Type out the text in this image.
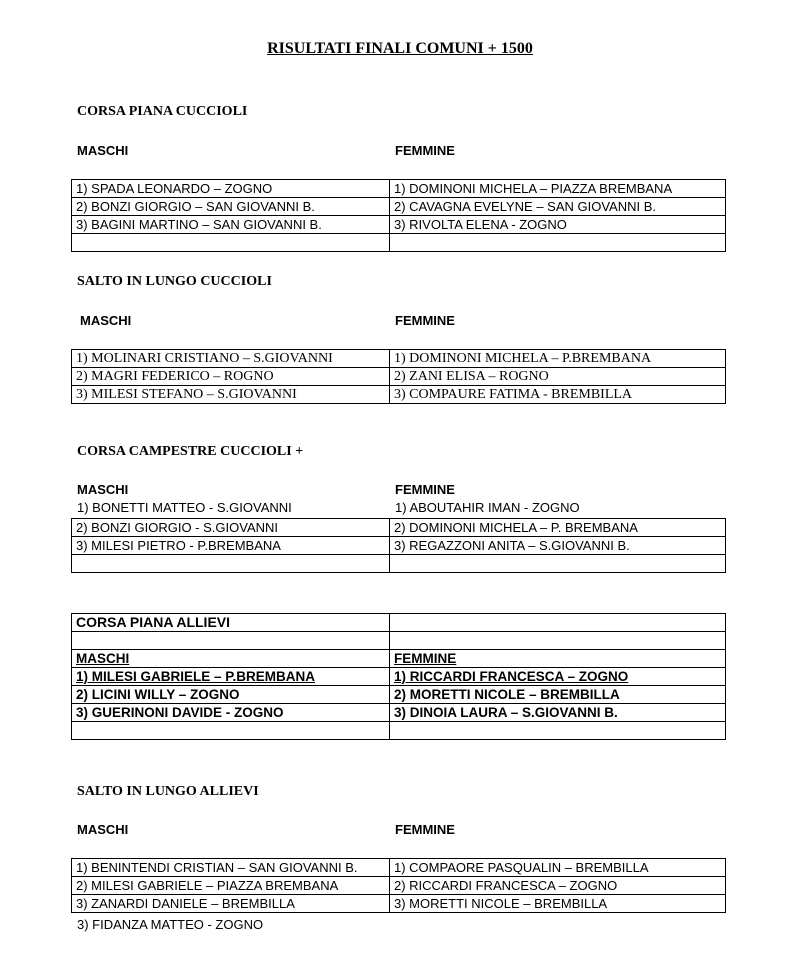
RISULTATI FINALI COMUNI + 1500
CORSA PIANA CUCCIOLI
MASCHI	FEMMINE
1) SPADA LEONARDO – ZOGNO	1) DOMINONI MICHELA – PIAZZA BREMBANA
2) BONZI GIORGIO – SAN GIOVANNI B.	2) CAVAGNA EVELYNE – SAN GIOVANNI B.
3) BAGINI MARTINO – SAN GIOVANNI B.	3) RIVOLTA ELENA - ZOGNO

SALTO IN LUNGO CUCCIOLI
MASCHI	FEMMINE
1) MOLINARI CRISTIANO – S.GIOVANNI	1) DOMINONI MICHELA – P.BREMBANA
2) MAGRI FEDERICO – ROGNO	2) ZANI ELISA – ROGNO
3) MILESI STEFANO – S.GIOVANNI	3) COMPAURE FATIMA - BREMBILLA
CORSA CAMPESTRE CUCCIOLI +
MASCHI	FEMMINE
1) BONETTI MATTEO - S.GIOVANNI	1) ABOUTAHIR IMAN - ZOGNO
2) BONZI GIORGIO - S.GIOVANNI	2) DOMINONI MICHELA – P. BREMBANA
3) MILESI PIETRO - P.BREMBANA	3) REGAZZONI ANITA – S.GIOVANNI B.

CORSA PIANA ALLIEVI	

MASCHI	FEMMINE
1) MILESI GABRIELE – P.BREMBANA	1) RICCARDI FRANCESCA – ZOGNO
2) LICINI WILLY – ZOGNO	2) MORETTI NICOLE – BREMBILLA
3) GUERINONI DAVIDE - ZOGNO	3) DINOIA LAURA – S.GIOVANNI B.

SALTO IN LUNGO ALLIEVI
MASCHI	FEMMINE
1) BENINTENDI CRISTIAN – SAN GIOVANNI B.	1) COMPAORE PASQUALIN – BREMBILLA
2) MILESI GABRIELE – PIAZZA BREMBANA	2) RICCARDI FRANCESCA – ZOGNO
3) ZANARDI DANIELE – BREMBILLA	3) MORETTI NICOLE – BREMBILLA
3) FIDANZA MATTEO - ZOGNO
